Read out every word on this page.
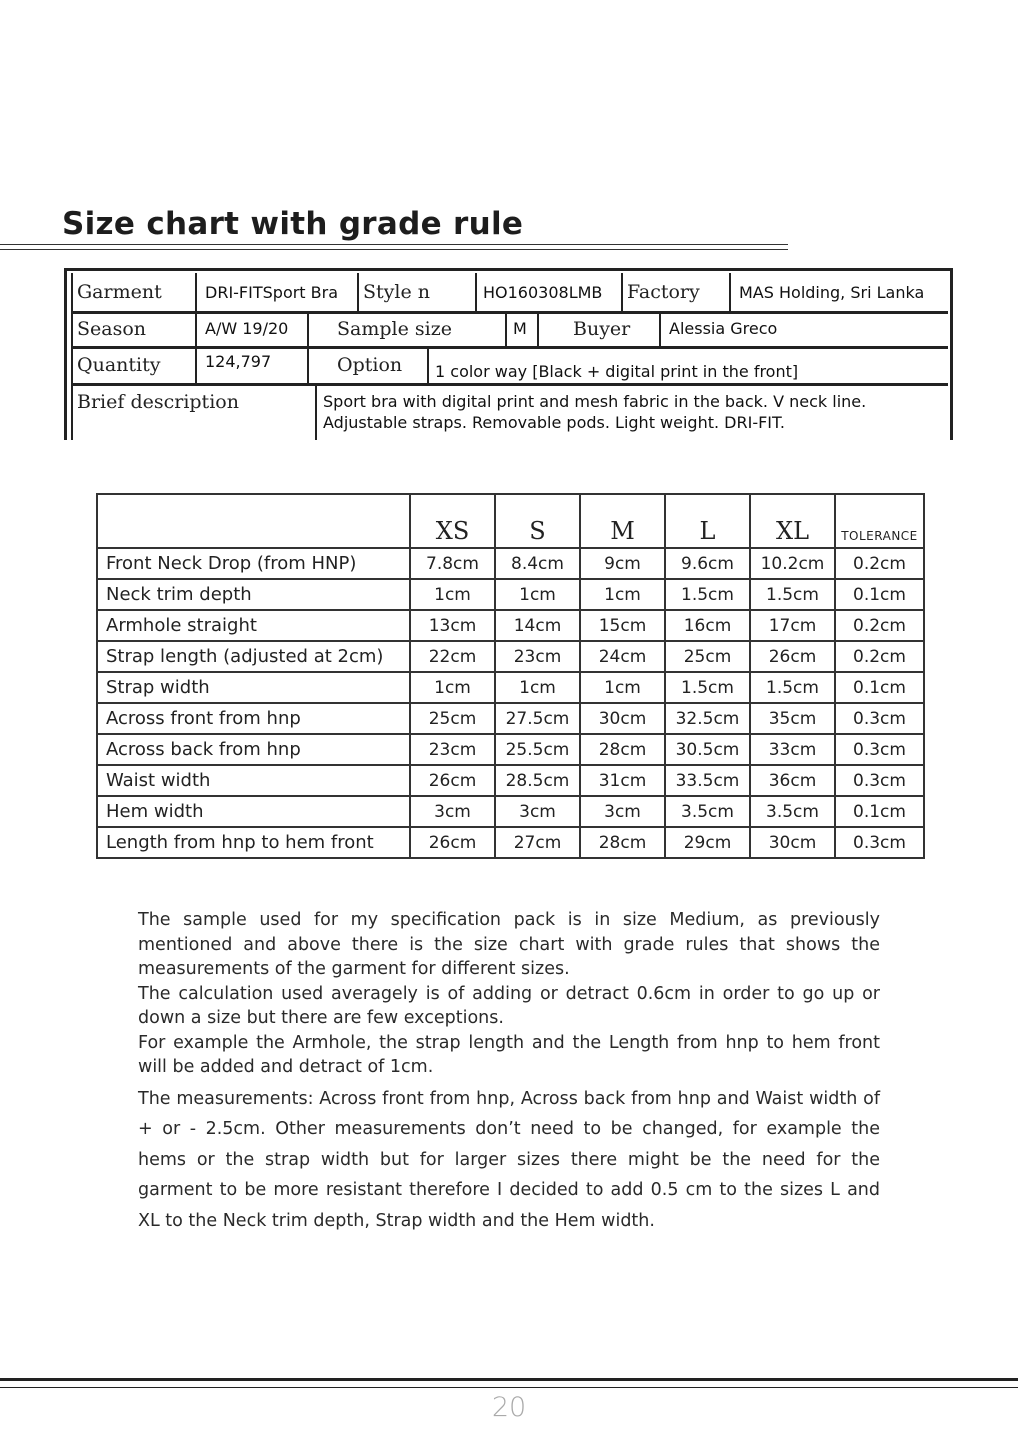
Size chart with grade rule
Garment	DRI-FITSport Bra	Style n	HO160308LMB	Factory	MAS Holding, Sri Lanka
Season	A/W 19/20	Sample size	M	Buyer	Alessia Greco
Quantity	124,797	Option	1 color way [Black + digital print in the front]
Brief description	Sport bra with digital print and mesh fabric in the back. V neck line.
Adjustable straps. Removable pods. Light weight. DRI-FIT.
	XS	S	M	L	XL	TOLERANCE
Front Neck Drop (from HNP)	7.8cm	8.4cm	9cm	9.6cm	10.2cm	0.2cm
Neck trim depth	1cm	1cm	1cm	1.5cm	1.5cm	0.1cm
Armhole straight	13cm	14cm	15cm	16cm	17cm	0.2cm
Strap length (adjusted at 2cm)	22cm	23cm	24cm	25cm	26cm	0.2cm
Strap width	1cm	1cm	1cm	1.5cm	1.5cm	0.1cm
Across front from hnp	25cm	27.5cm	30cm	32.5cm	35cm	0.3cm
Across back from hnp	23cm	25.5cm	28cm	30.5cm	33cm	0.3cm
Waist width	26cm	28.5cm	31cm	33.5cm	36cm	0.3cm
Hem width	3cm	3cm	3cm	3.5cm	3.5cm	0.1cm
Length from hnp to hem front	26cm	27cm	28cm	29cm	30cm	0.3cm

The sample used for my specification pack is in size Medium, as previously mentioned and above there is the size chart with grade rules that shows the measurements of the garment for different sizes.

The calculation used averagely is of adding or detract 0.6cm in order to go up or down a size but there are few exceptions.

For example the Armhole, the strap length and the Length from hnp to hem front will be added and detract of 1cm.

The measurements: Across front from hnp, Across back from hnp and Waist width of + or - 2.5cm. Other measurements don’t need to be changed, for example the hems or the strap width but for larger sizes there might be the need for the garment to be more resistant therefore I decided to add 0.5 cm to the sizes L and XL to the Neck trim depth, Strap width and the Hem width.

20
